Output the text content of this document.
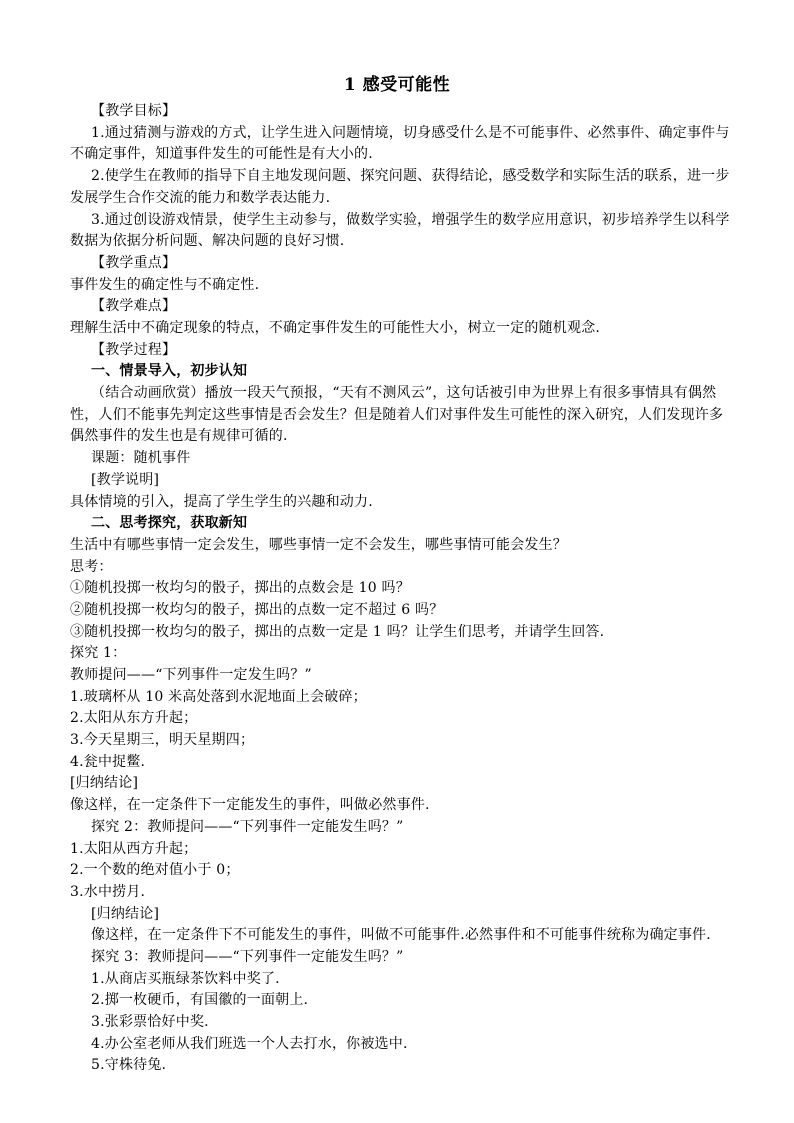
1 感受可能性
【教学目标】
1.通过猜测与游戏的方式，让学生进入问题情境，切身感受什么是不可能事件、必然事件、确定事件与不确定事件，知道事件发生的可能性是有大小的.
2.使学生在教师的指导下自主地发现问题、探究问题、获得结论，感受数学和实际生活的联系，进一步发展学生合作交流的能力和数学表达能力.
3.通过创设游戏情景，使学生主动参与，做数学实验，增强学生的数学应用意识，初步培养学生以科学数据为依据分析问题、解决问题的良好习惯.
【教学重点】
事件发生的确定性与不确定性.
【教学难点】
理解生活中不确定现象的特点，不确定事件发生的可能性大小，树立一定的随机观念.
【教学过程】
一、情景导入，初步认知
（结合动画欣赏）播放一段天气预报，“天有不测风云”，这句话被引申为世界上有很多事情具有偶然性，人们不能事先判定这些事情是否会发生？但是随着人们对事件发生可能性的深入研究，人们发现许多偶然事件的发生也是有规律可循的.
课题：随机事件
[教学说明]
具体情境的引入，提高了学生学生的兴趣和动力.
二、思考探究，获取新知
生活中有哪些事情一定会发生，哪些事情一定不会发生，哪些事情可能会发生？
思考：
①随机投掷一枚均匀的骰子，掷出的点数会是 10 吗？
②随机投掷一枚均匀的骰子，掷出的点数一定不超过 6 吗？
③随机投掷一枚均匀的骰子，掷出的点数一定是 1 吗？让学生们思考，并请学生回答.
探究 1：
教师提问——“下列事件一定发生吗？”
1.玻璃杯从 10 米高处落到水泥地面上会破碎；
2.太阳从东方升起；
3.今天星期三，明天星期四；
4.瓮中捉鳖.
[归纳结论]
像这样，在一定条件下一定能发生的事件，叫做必然事件.
探究 2：教师提问——“下列事件一定能发生吗？”
1.太阳从西方升起；
2.一个数的绝对值小于 0；
3.水中捞月.
[归纳结论]
像这样，在一定条件下不可能发生的事件，叫做不可能事件.必然事件和不可能事件统称为确定事件.
探究 3：教师提问——“下列事件一定能发生吗？”
1.从商店买瓶绿茶饮料中奖了.
2.掷一枚硬币，有国徽的一面朝上.
3.张彩票恰好中奖.
4.办公室老师从我们班选一个人去打水，你被选中.
5.守株待兔.
